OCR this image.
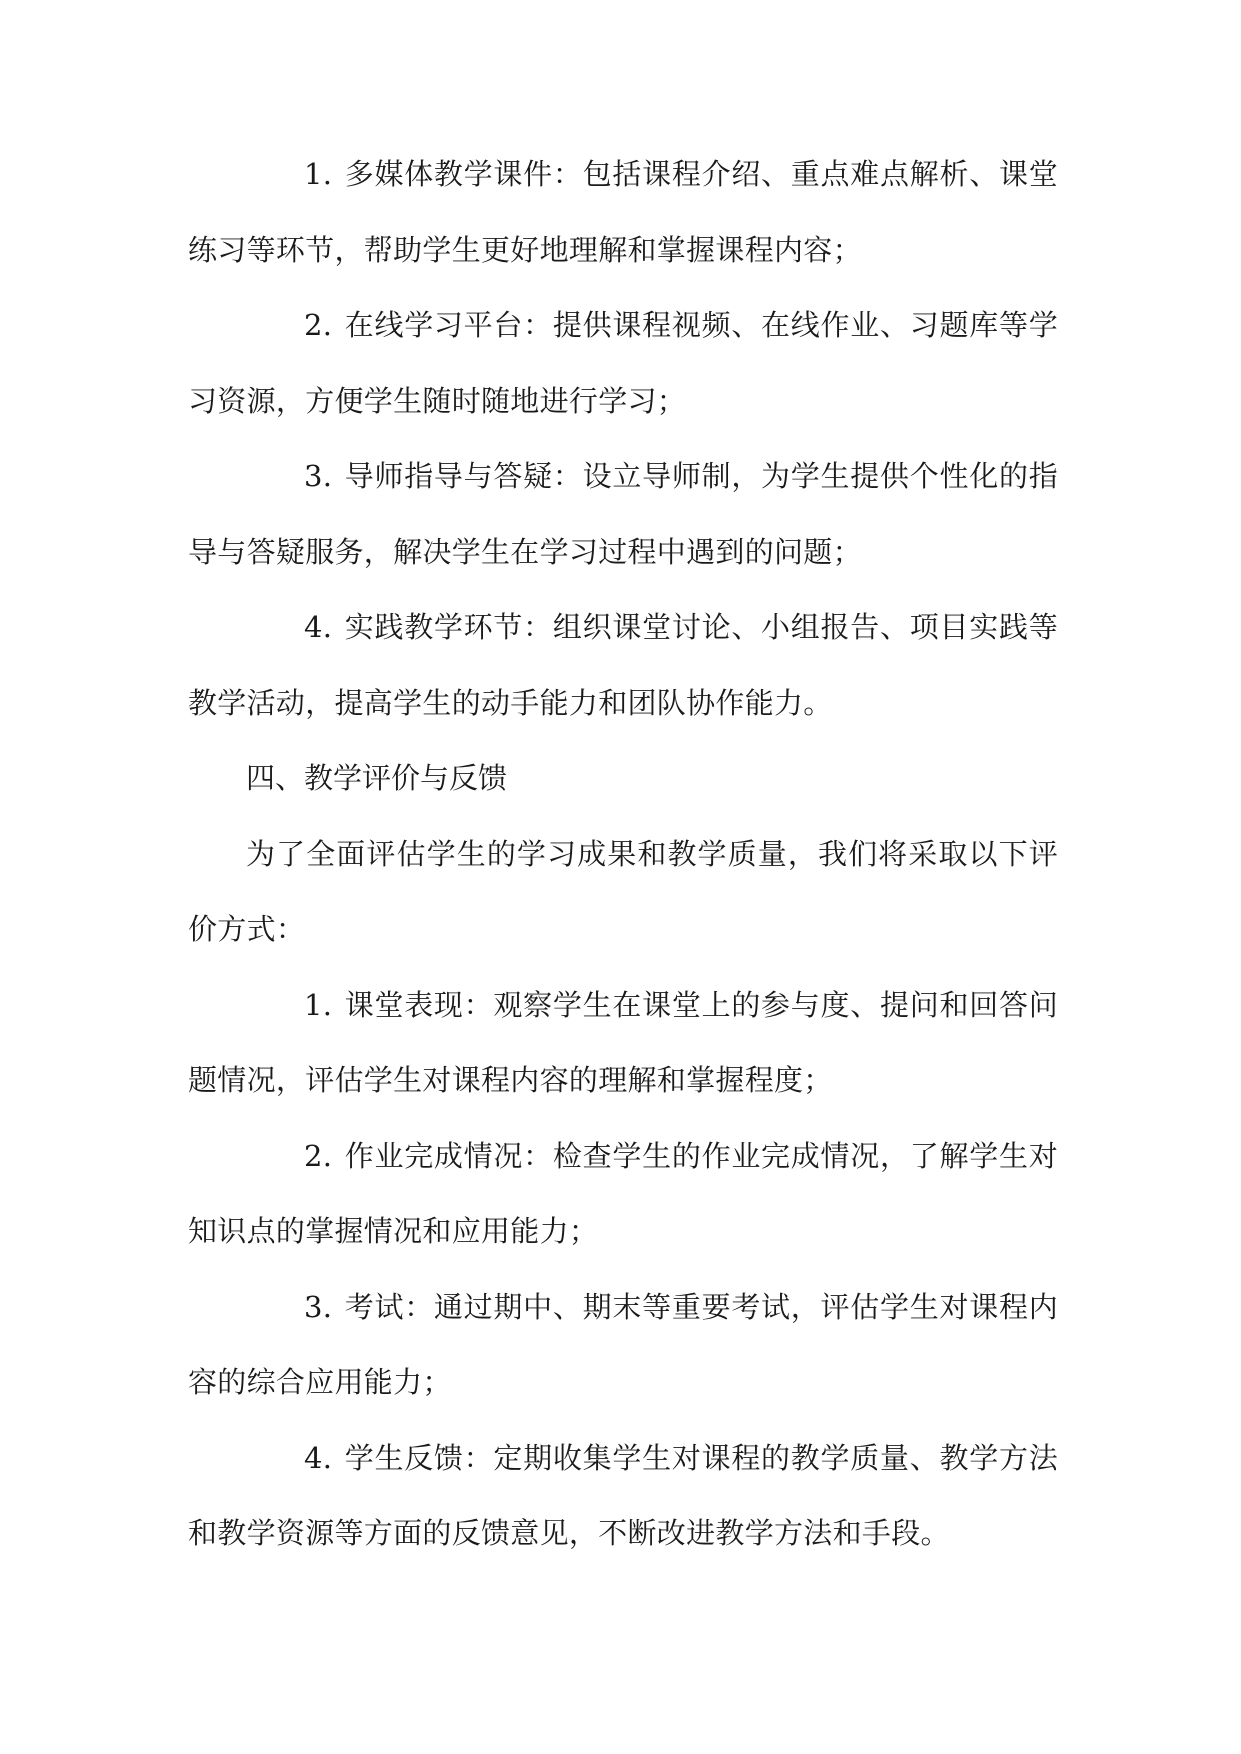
1. 多媒体教学课件：包括课程介绍、重点难点解析、课堂练习等环节，帮助学生更好地理解和掌握课程内容；

2. 在线学习平台：提供课程视频、在线作业、习题库等学习资源，方便学生随时随地进行学习；

3. 导师指导与答疑：设立导师制，为学生提供个性化的指导与答疑服务，解决学生在学习过程中遇到的问题；

4. 实践教学环节：组织课堂讨论、小组报告、项目实践等教学活动，提高学生的动手能力和团队协作能力。

四、教学评价与反馈

为了全面评估学生的学习成果和教学质量，我们将采取以下评价方式：

1. 课堂表现：观察学生在课堂上的参与度、提问和回答问题情况，评估学生对课程内容的理解和掌握程度；

2. 作业完成情况：检查学生的作业完成情况，了解学生对知识点的掌握情况和应用能力；

3. 考试：通过期中、期末等重要考试，评估学生对课程内容的综合应用能力；

4. 学生反馈：定期收集学生对课程的教学质量、教学方法和教学资源等方面的反馈意见，不断改进教学方法和手段。
